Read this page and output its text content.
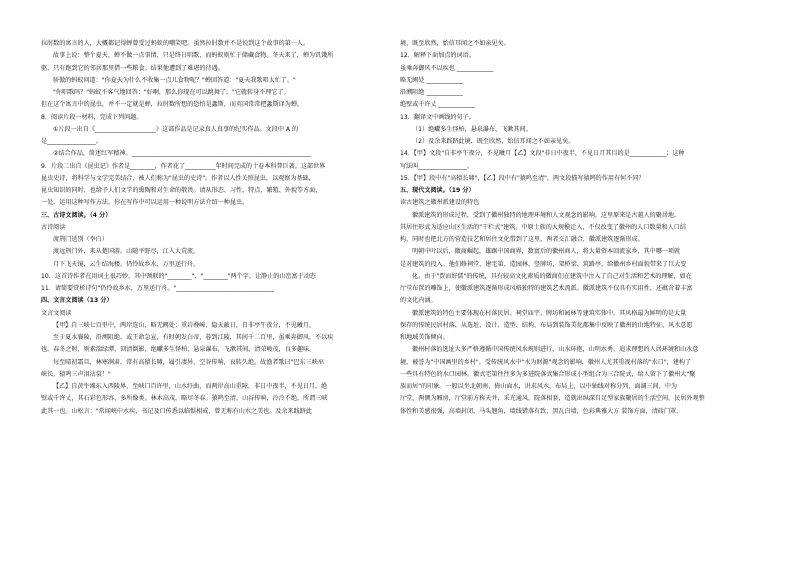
拉肘数的寓言的人，大概都记得蝉曾受过蚂蚁的嘲笑吧。虽然拉肘数并不是说到这个故事的第一人。
故事上说：整个夏天，蝉不做一点事情，只是终日唱歌，而蚂蚁则忙于储藏食物。冬天来了，蝉为饥饿所
驱，只有跑到它的邻居那里借一些粮食。结果他遭到了难堪的待遇。
骄傲的蚂蚁问道："你夏天为什么不收集一点儿食物呢？"蝉回答道："夏天我歌唱太忙了。"
"你唱歌吗？"蚂蚁不客气地回答："好啊，那么你现在可以跳舞了。"它就转身不理它了。
但在这个寓言中的昆虫，并不一定就是蝉，拉肘数所想的恐怕是螽斯，而英国常常把螽斯译为蝉。
8．阅读片段一材料，完成下列问题。
①片段一出自《____________________》这部作品是记录真人真事的纪实作品。文段中 A 的
是________________。
②结合作品，简述红军精神。___________________________________________________________
9．片段二出自《昆虫记》作者是________，作者花了__________年时间完成的十卷本科普巨著。这部世界
昆虫史诗，将科学与文学完美结合，被人们称为"昆虫的史诗"。作者以人性关照昆虫，以观察为基础，
昆虫知识的同时，也给予人们文学的熏陶和对生命的敬畏。请从形态、习性、特点、繁殖、外貌等方面，
一处，运用这种写作方法，你在写作中可以运用一种说明方法介绍一种昆虫。
三、古诗文阅读。（4 分）
古诗阅读
渡荆门送别（李白）
渡远荆门外，来从楚国游。山随平野尽，江入大荒流。
月下飞天镜，云生结海楼。仍怜故乡水，万里送行舟。
10．这首诗作者在用词上很巧妙，其中颈联的"________"、"________"两个字，让静止的山峦富于动态
11．请简要赏析诗句"仍怜故乡水，万里送行舟。"________________________________
四、文言文阅读（13 分）
文言文阅读
【甲】自三峡七百里中，两岸连山，略无阙处；重岩叠嶂，隐天蔽日，自非亭午夜分，不见曦月。
至于夏水襄陵，沿溯阻绝。或王命急宣，有时朝发白帝，暮到江陵，其间千二百里，虽乘奔御风，不以疾
也。春冬之时，则素湍绿潭，回清倒影，绝巘多生怪柏，悬泉瀑布，飞漱其间，清荣峻茂，良多趣味。
每至晴初霜旦，林寒涧肃，常有高猿长啸，属引凄异，空谷传响，哀转久绝。故渔者歌曰"巴东三峡巫
峡长，猿鸣三声泪沾裳！"
【乙】自黄牛滩东入西陵界，至峡口百许里，山水纡曲，而两岸高山重障，非日中夜半，不见日月，绝
壁或千许丈，其石彩色形容，多所像类。林木高茂，略尽冬春。猿鸣至清，山谷传响，泠泠不绝。所谓三峡
此其一也。山松言："常闻峡中水疾，书记及口传悉以临惧相戒，曾无称有山水之美也。及余来践跻此
境，既至欣然，始信耳闻之不如亲见矣。
12．解释下面加点的词语。
虽乘奔御风不以疾也 ____________
略无阙处 ____________
沿溯阻绝 ____________
绝壁或千许丈 ____________
13．翻译文中画线的句子。
（1）绝巘多生怪柏，悬泉瀑布，飞漱其间。
（2）及余来践跻此境，既至欣然，始信耳闻之不如亲见矣。
14．【甲】文段"自非亭午夜分，不见曦月【乙】文段"非日中夜半，不见日月其目的是____________；这种
写法叫________________。
15．【甲】段中有"高猿长啸"，【乙】段中有"猿鸣至清"，两文段描写猿鸣的作用有何不同？
五、现代文阅读。（19 分）
读古建筑之徽州派建设的特色
徽派建筑的形成过程，受到了徽州独特的地理环境和人文观念的影响。这里原来是古越人的聚居地，
其居住形式为适应山区生活的"干栏式"建筑。中原士族的大规模迁入，不仅改变了徽州的人口数量和人口结
构，同时也把北方的营造技艺和居住文化带到了这里，两者交汇融合，徽派建筑逐渐形成。
明朝中叶以后，徽商崛起，雄踞中国商界，数富后的徽州商人，将大量资本回流家乡，其中哪一项就
是对建筑的投入。他们修祠堂、建宅第、造园林、竖牌坊，架桥梁、筑路亭，给徽州乡村面貌带来了巨大变
化。由于"贾而好儒"的传统，具有较高文化素质的徽商们在建筑中注入了自己对生活和艺术的理解，如在
厅堂布置的雕饰上，使徽派建筑逐渐形成风格独特的建筑艺术流派。徽派建筑不仅具有实用性，还蕴含着丰富
的文化内涵。
徽派建筑的特色主要体现在村落民居、祠堂庙宇、牌坊和园林等建筑实体中。其风格最为鲜明的是大量
保存的传统民居村落，从选址、设计、造型、结构、布局到装饰美化都集中反映了徽州的山地特征、风水意愿
和地域美饰倾向。
徽州村落的选址大多严格遵循中国传统风水规则进行，山水环抱，山明水秀，追求理想的人居环境和山水意
境，被誉为"中国画里的乡村"。受传统风水中"水为财源"观念的影响，徽州人尤其重视村落的"水口"，建构了
一些具有特色的水口园林。徽式宅第往往多为多进院落式集合形成小型组合为三合院式，给人留下了徽州大"聚
族而居"的印象。一般以坐北朝南，倚山面水，讲求风水，布局上，以中轴线对称分列，面阔三间，中为
厅堂，两侧为厢房，厅堂前方称天井，采光通风，院落相套，造就出纵深自足型家族聚居的生活空间。民居外观整
体性和美感很强，高墙封闭，马头翘角，墙线错落有致，黑瓦白墙，色彩典雅大方 装饰方面，清砖门罩，
